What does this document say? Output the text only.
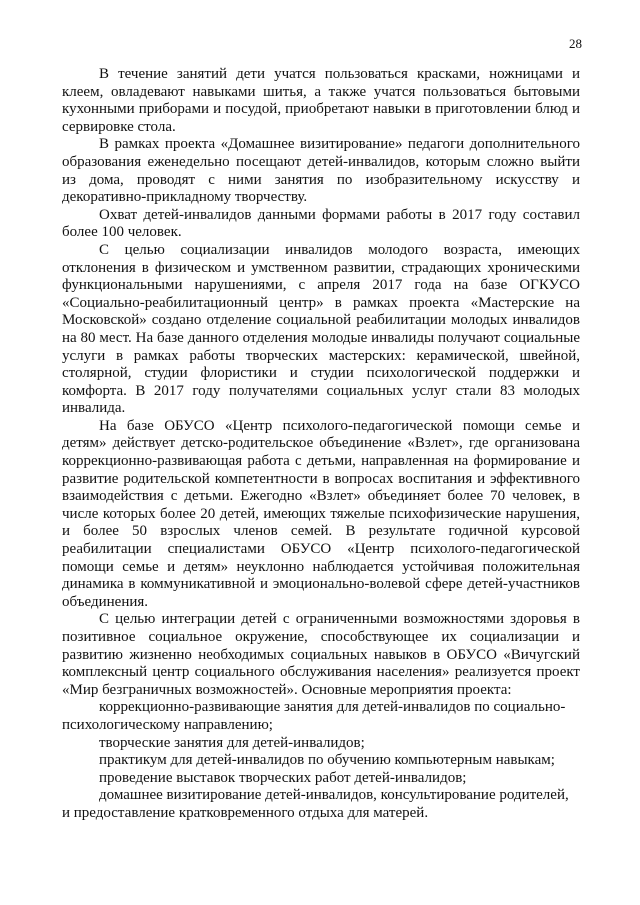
28

В течение занятий дети учатся пользоваться красками, ножницами и клеем, овладевают навыками шитья, а также учатся пользоваться бытовыми кухонными приборами и посудой, приобретают навыки в приготовлении блюд и сервировке стола.

В рамках проекта «Домашнее визитирование» педагоги дополнительного образования еженедельно посещают детей-инвалидов, которым сложно выйти из дома, проводят с ними занятия по изобразительному искусству и декоративно-прикладному творчеству.

Охват детей-инвалидов данными формами работы в 2017 году составил более 100 человек.

С целью социализации инвалидов молодого возраста, имеющих отклонения в физическом и умственном развитии, страдающих хроническими функциональными нарушениями, с апреля 2017 года на базе ОГКУСО «Социально-реабилитационный центр» в рамках проекта «Мастерские на Московской» создано отделение социальной реабилитации молодых инвалидов на 80 мест. На базе данного отделения молодые инвалиды получают социальные услуги в рамках работы творческих мастерских: керамической, швейной, столярной, студии флористики и студии психологической поддержки и комфорта. В 2017 году получателями социальных услуг стали 83 молодых инвалида.

На базе ОБУСО «Центр психолого-педагогической помощи семье и детям» действует детско-родительское объединение «Взлет», где организована коррекционно-развивающая работа с детьми, направленная на формирование и развитие родительской компетентности в вопросах воспитания и эффективного взаимодействия с детьми. Ежегодно «Взлет» объединяет более 70 человек, в числе которых более 20 детей, имеющих тяжелые психофизические нарушения, и более 50 взрослых членов семей. В результате годичной курсовой реабилитации специалистами ОБУСО «Центр психолого-педагогической помощи семье и детям» неуклонно наблюдается устойчивая положительная динамика в коммуникативной и эмоционально-волевой сфере детей-участников объединения.

С целью интеграции детей с ограниченными возможностями здоровья в позитивное социальное окружение, способствующее их социализации и развитию жизненно необходимых социальных навыков в ОБУСО «Вичугский комплексный центр социального обслуживания населения» реализуется проект «Мир безграничных возможностей». Основные мероприятия проекта:

коррекционно-развивающие занятия для детей-инвалидов по социально-психологическому направлению;

творческие занятия для детей-инвалидов;

практикум для детей-инвалидов по обучению компьютерным навыкам;

проведение выставок творческих работ детей-инвалидов;

домашнее визитирование детей-инвалидов, консультирование родителей, и предоставление кратковременного отдыха для матерей.
